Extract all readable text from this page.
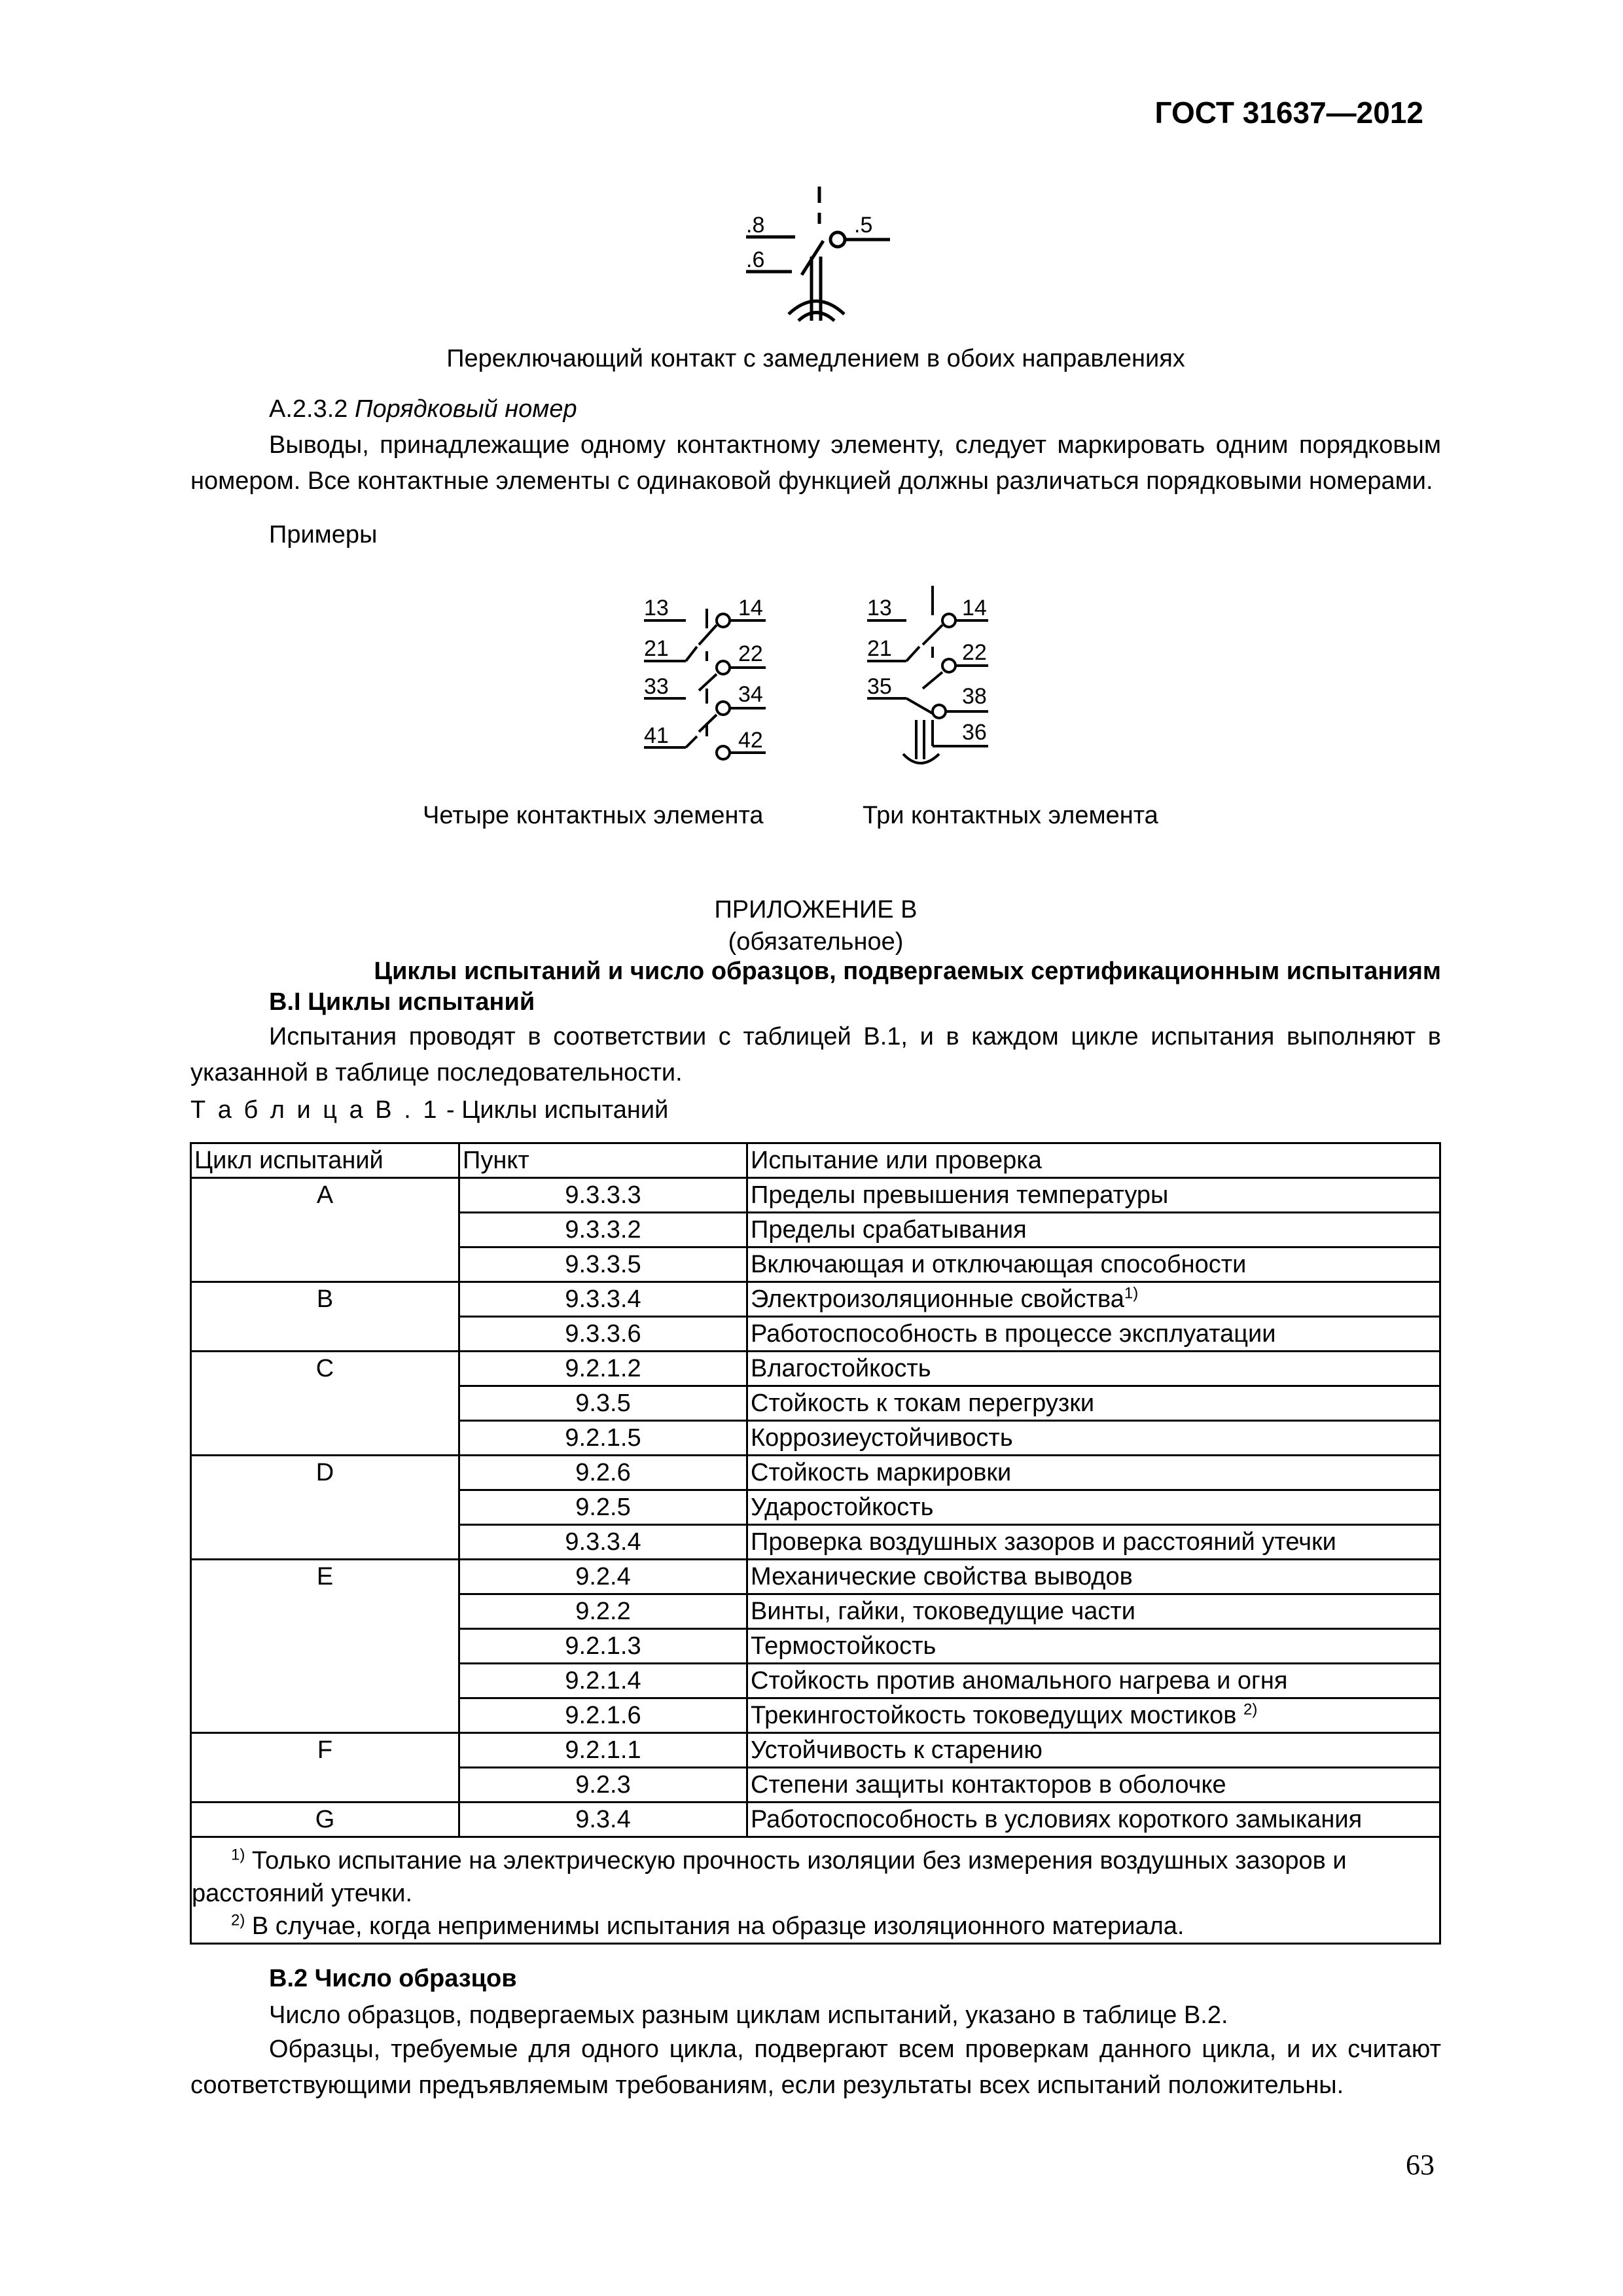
ГОСТ 31637—2012
.8	.5
.6
Переключающий контакт с замедлением в обоих направлениях
А.2.3.2 Порядковый номер
Выводы, принадлежащие одному контактному элементу, следует маркировать одним порядковым номером. Все контактные элементы с одинаковой функцией должны различаться порядковыми номерами.
Примеры
13	14
21	22
33	34
41	42
13	14
21	22
35	38
36
Четыре контактных элемента	Три контактных элемента
ПРИЛОЖЕНИЕ В
(обязательное)
Циклы испытаний и число образцов, подвергаемых сертификационным испытаниям
В.I Циклы испытаний
Испытания проводят в соответствии с таблицей В.1, и в каждом цикле испытания выполняют в указанной в таблице последовательности.
Т а б л и ц а В . 1 - Циклы испытаний
Цикл испытаний	Пункт	Испытание или проверка
A	9.3.3.3	Пределы превышения температуры
	9.3.3.2	Пределы срабатывания
	9.3.3.5	Включающая и отключающая способности
B	9.3.3.4	Электроизоляционные свойства$^{1)}$
	9.3.3.6	Работоспособность в процессе эксплуатации
C	9.2.1.2	Влагостойкость
	9.3.5	Стойкость к токам перегрузки
	9.2.1.5	Коррозиеустойчивость
D	9.2.6	Стойкость маркировки
	9.2.5	Ударостойкость
	9.3.3.4	Проверка воздушных зазоров и расстояний утечки
E	9.2.4	Механические свойства выводов
	9.2.2	Винты, гайки, токоведущие части
	9.2.1.3	Термостойкость
	9.2.1.4	Стойкость против аномального нагрева и огня
	9.2.1.6	Трекингостойкость токоведущих мостиков $^{2)}$
F	9.2.1.1	Устойчивость к старению
	9.2.3	Степени защиты контакторов в оболочке
G	9.3.4	Работоспособность в условиях короткого замыкания

$^{1)}$ Только испытание на электрическую прочность изоляции без измерения воздушных зазоров и расстояний утечки.

$^{2)}$ В случае, когда неприменимы испытания на образце изоляционного материала.		

В.2 Число образцов
Число образцов, подвергаемых разным циклам испытаний, указано в таблице В.2.
Образцы, требуемые для одного цикла, подвергают всем проверкам данного цикла, и их считают соответствующими предъявляемым требованиям, если результаты всех испытаний положительны.
63
